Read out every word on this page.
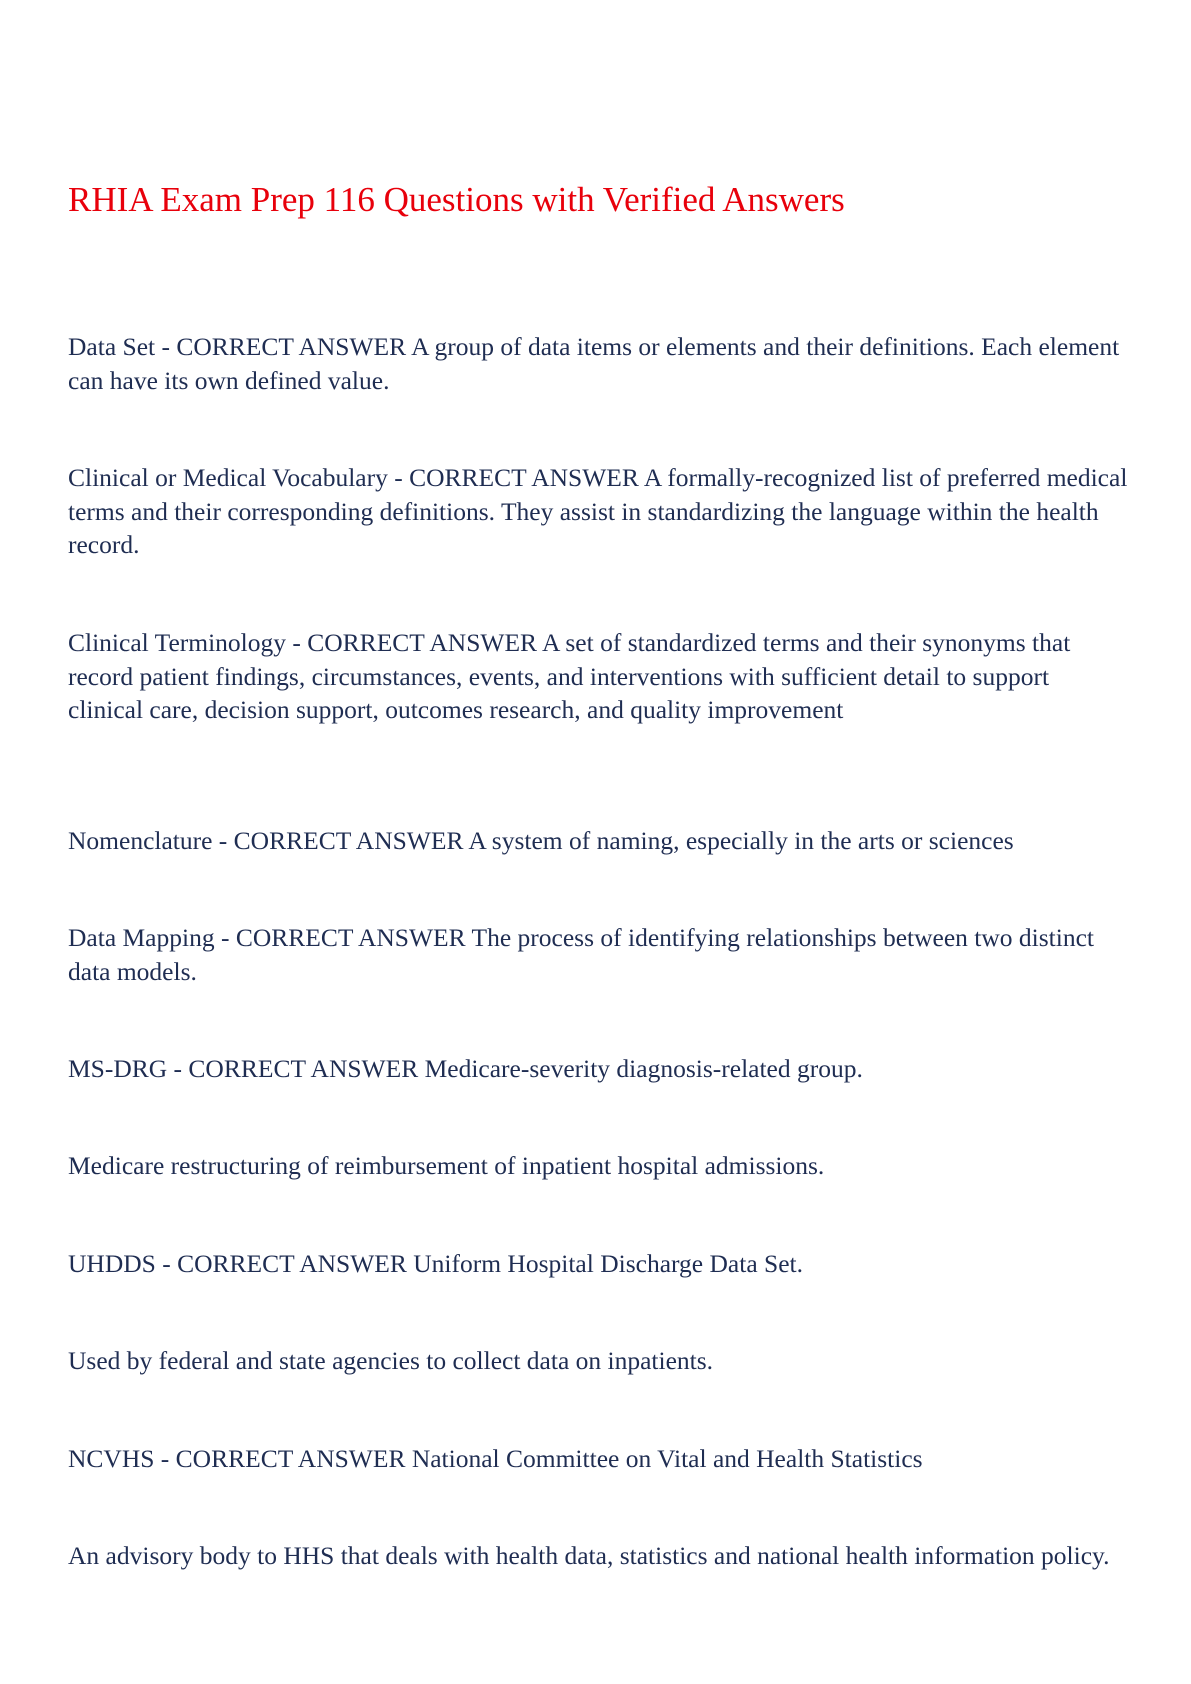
RHIA Exam Prep 116 Questions with Verified Answers

Data Set - CORRECT ANSWER A group of data items or elements and their definitions. Each element can have its own defined value.

Clinical or Medical Vocabulary - CORRECT ANSWER A formally-recognized list of preferred medical terms and their corresponding definitions. They assist in standardizing the language within the health record.

Clinical Terminology - CORRECT ANSWER A set of standardized terms and their synonyms that record patient findings, circumstances, events, and interventions with sufficient detail to support clinical care, decision support, outcomes research, and quality improvement

Nomenclature - CORRECT ANSWER A system of naming, especially in the arts or sciences

Data Mapping - CORRECT ANSWER The process of identifying relationships between two distinct data models.

MS-DRG - CORRECT ANSWER Medicare-severity diagnosis-related group.

Medicare restructuring of reimbursement of inpatient hospital admissions.

UHDDS - CORRECT ANSWER Uniform Hospital Discharge Data Set.

Used by federal and state agencies to collect data on inpatients.

NCVHS - CORRECT ANSWER National Committee on Vital and Health Statistics

An advisory body to HHS that deals with health data, statistics and national health information policy.
